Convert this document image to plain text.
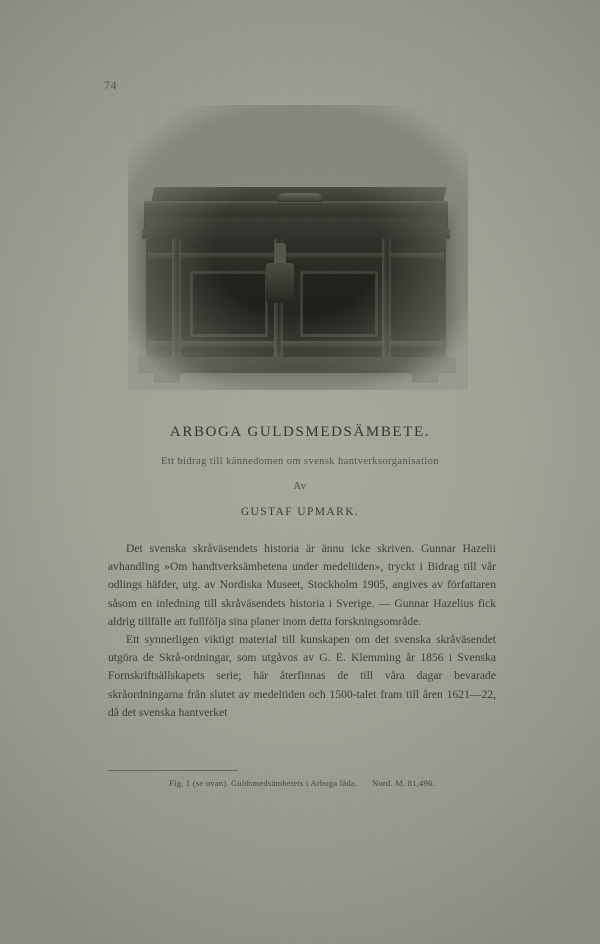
74
ARBOGA GULDSMEDSÄMBETE.
Ett bidrag till kännedomen om svensk hantverksorganisation
Av
GUSTAF UPMARK.

Det svenska skråväsendets historia är ännu icke skriven. Gunnar Hazelii avhandling »Om handtverksämbetena under medeltiden», tryckt i Bidrag till vår odlings häfder, utg. av Nordiska Museet, Stockholm 1905, angives av författaren såsom en inledning till skråväsendets historia i Sverige. — Gunnar Hazelius fick aldrig tillfälle att fullfölja sina planer inom detta forskningsområde.

Ett synnerligen viktigt material till kunskapen om det svenska skråväsendet utgöra de Skrå-ordningar, som utgåvos av G. E. Klemming år 1856 i Svenska Fornskriftsällskapets serie; här återfinnas de till våra dagar bevarade skråordningarna från slutet av medeltiden och 1500-talet fram till åren 1621—22, då det svenska hantverket

Fig. 1 (se ovan). Guldsmedsämbetets i Arboga låda. Nord. M. 81,496.
